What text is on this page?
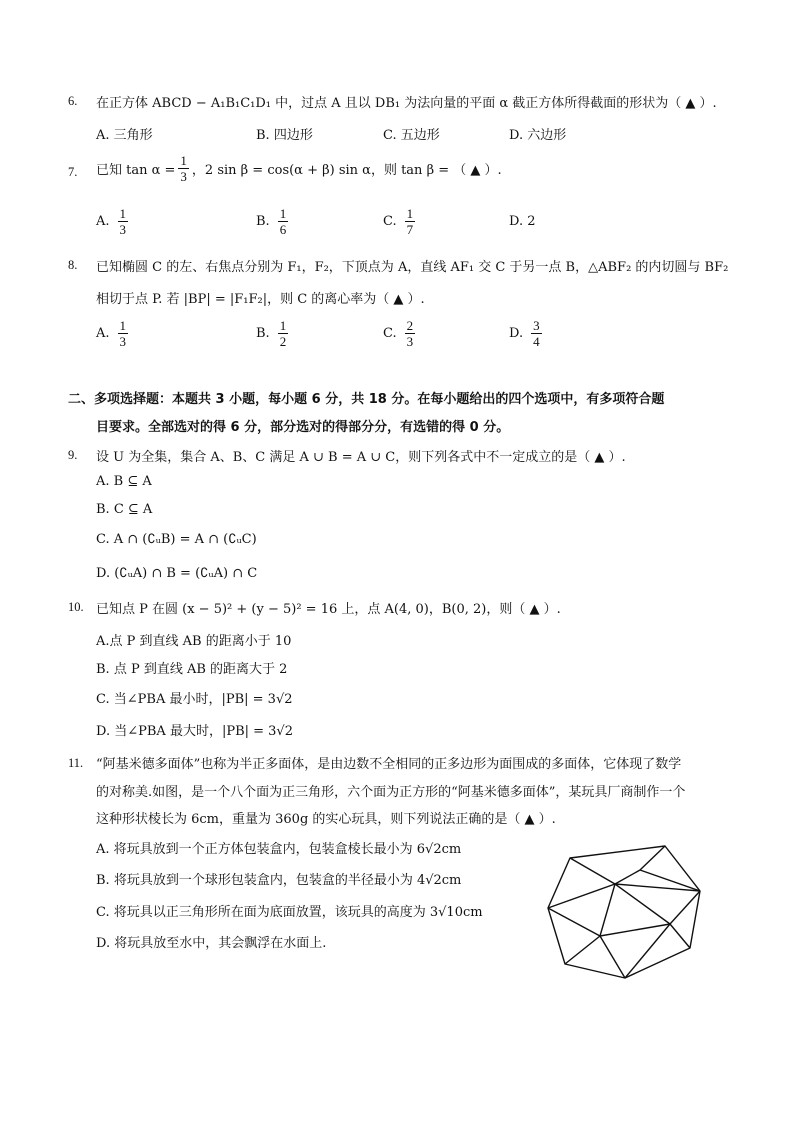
6. 在正方体 ABCD − A₁B₁C₁D₁ 中，过点 A 且以 DB₁ 为法向量的平面 α 截正方体所得截面的形状为（ ▲ ）.
A. 三角形	B. 四边形	C. 五边形	D. 六边形
7. 已知 $\tan \alpha = \frac{1}{3}$ ，2 sin β = cos(α + β) sin α，则 tan β = （ ▲ ）.
A. $\frac{1}{3}$	B. $\frac{1}{6}$	C. $\frac{1}{7}$	D. 2
8. 已知椭圆 C 的左、右焦点分别为 F₁，F₂，下顶点为 A，直线 AF₁ 交 C 于另一点 B，△ABF₂ 的内切圆与 BF₂
相切于点 P. 若 |BP| = |F₁F₂|，则 C 的离心率为（ ▲ ）.
A. $\frac{1}{3}$	B. $\frac{1}{2}$	C. $\frac{2}{3}$	D. $\frac{3}{4}$
二、多项选择题：本题共 3 小题，每小题 6 分，共 18 分。在每小题给出的四个选项中，有多项符合题
目要求。全部选对的得 6 分，部分选对的得部分分，有选错的得 0 分。
9. 设 U 为全集，集合 A、B、C 满足 A ∪ B = A ∪ C，则下列各式中不一定成立的是（ ▲ ）.
A. B ⊆ A
B. C ⊆ A
C. A ∩ (∁ᵤB) = A ∩ (∁ᵤC)
D. (∁ᵤA) ∩ B = (∁ᵤA) ∩ C
10. 已知点 P 在圆 (x − 5)² + (y − 5)² = 16 上，点 A(4, 0)，B(0, 2)，则（ ▲ ）.
A.点 P 到直线 AB 的距离小于 10
B. 点 P 到直线 AB 的距离大于 2
C. 当∠PBA 最小时，|PB| = 3√2
D. 当∠PBA 最大时，|PB| = 3√2
11. “阿基米德多面体”也称为半正多面体，是由边数不全相同的正多边形为面围成的多面体，它体现了数学
的对称美.如图，是一个八个面为正三角形，六个面为正方形的“阿基米德多面体”，某玩具厂商制作一个
这种形状棱长为 6cm，重量为 360g 的实心玩具，则下列说法正确的是（ ▲ ）.
A. 将玩具放到一个正方体包装盒内，包装盒棱长最小为 6√2cm
B. 将玩具放到一个球形包装盒内，包装盒的半径最小为 4√2cm
C. 将玩具以正三角形所在面为底面放置，该玩具的高度为 3√10cm
D. 将玩具放至水中，其会飘浮在水面上.
